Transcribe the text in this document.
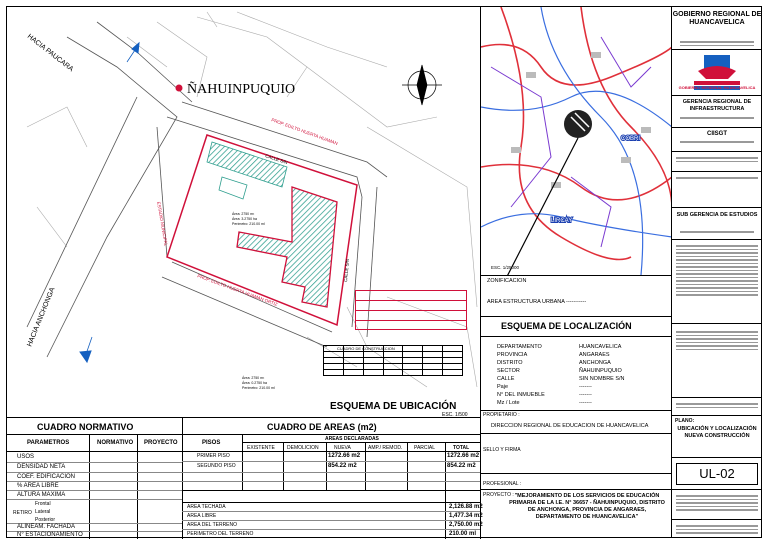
HACIA PAUCARA
HACIA ANCHONGA
ÑAHUINPUQUIO
PROP. EDILTO HUERTA HUAMAN
PROP. EDILTO HUERTA HUAMAN ORTIZ
ESTADIO MUNICIPAL
CALLE S/N
CALLE S/N
Área: 2750 m²
Área: 3.2750 ha
Perímetro: 210.00 ml
Área: 2750 m²
Área: 0.2750 ha
Perímetro: 210.00 ml
CUADRO DE CONSTRUCCION

ESQUEMA DE UBICACIÓN
ESC. 1/500
COBRI
LIRCAY
ESC. 1/25000
ZONIFICACION
AREA ESTRUCTURA URBANA -----------
ESQUEMA DE LOCALIZACIÓN
DEPARTAMENTO	HUANCAVELICA
PROVINCIA	ANGARAES
DISTRITO	ANCHONGA
SECTOR	ÑAHUINPUQUIO
CALLE	SIN NOMBRE S/N
Paje	-------
N° DEL INMUEBLE	-------
Mz / Lote	-------
PROPIETARIO :
DIRECCION REGIONAL DE EDUCACION DE HUANCAVELICA
SELLO Y FIRMA
PROFESIONAL :
PROYECTO : "MEJORAMIENTO DE LOS SERVICIOS DE EDUCACIÓN PRIMARIA DE LA I.E. N° 36657 - ÑAHUINPUQUIO, DISTRITO DE ANCHONGA, PROVINCIA DE ANGARAES, DEPARTAMENTO DE HUANCAVELICA"
CUADRO NORMATIVO
PARAMETROS	NORMATIVO PROYECTO
USOS
DENSIDAD NETA
COEF. EDIFICACION
% AREA LIBRE
ALTURA MAXIMA
RETIRO
Frontal
Lateral
Posterior
ALINEAM. FACHADA
N° ESTACIONAMIENTO
CUADRO DE AREAS (m2)
PISOS
AREAS DECLARADAS
EXISTENTE DEMOLICION	NUEVA	AMP./ REMOD. PARCIAL	TOTAL
PRIMER PISO	1272.66 m2	1272.66 m2
SEGUNDO PISO	854.22 m2	854.22 m2
AREA TECHADA	2,126.88 m2
AREA LIBRE	1,477.34 m2
AREA DEL TERRENO	2,750.00 m2
PERIMETRO DEL TERRENO	210.00 ml
GOBIERNO REGIONAL DE HUANCAVELICA
GOBIERNO REGIONAL HUANCAVELICA
GERENCIA REGIONAL DE INFRAESTRUCTURA
CIISGT
SUB GERENCIA DE ESTUDIOS
PLANO:
UBICACIÓN Y LOCALIZACIÓN NUEVA CONSTRUCCIÓN
UL-02
